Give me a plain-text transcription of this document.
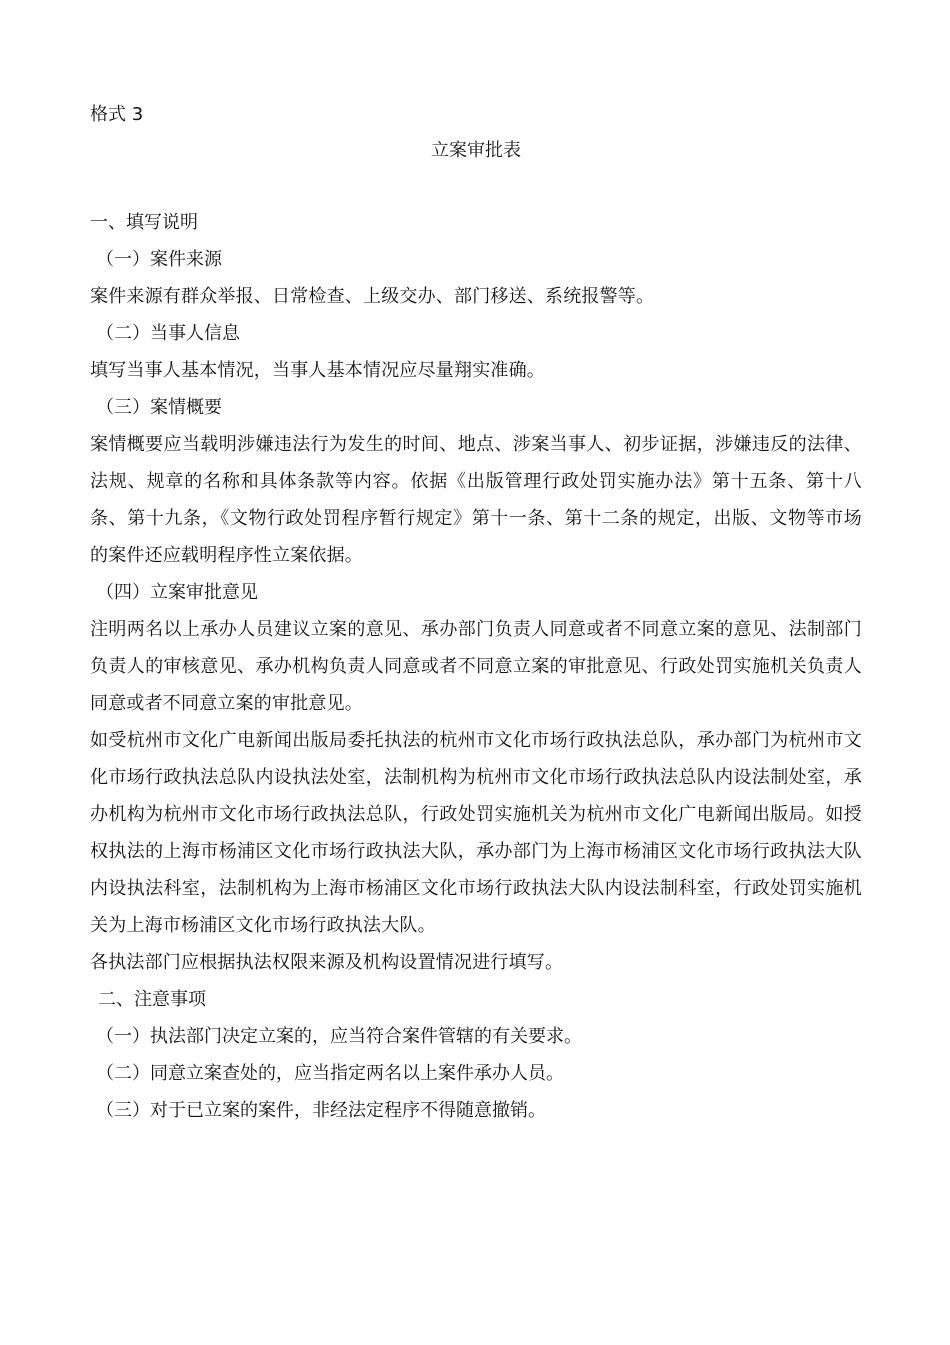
格式 3
立案审批表
一、填写说明
（一）案件来源

案件来源有群众举报、日常检查、上级交办、部门移送、系统报警等。

（二）当事人信息

填写当事人基本情况，当事人基本情况应尽量翔实准确。

（三）案情概要

案情概要应当载明涉嫌违法行为发生的时间、地点、涉案当事人、初步证据，涉嫌违反的法律、法规、规章的名称和具体条款等内容。依据《出版管理行政处罚实施办法》第十五条、第十八条、第十九条，《文物行政处罚程序暂行规定》第十一条、第十二条的规定，出版、文物等市场的案件还应载明程序性立案依据。

（四）立案审批意见

注明两名以上承办人员建议立案的意见、承办部门负责人同意或者不同意立案的意见、法制部门负责人的审核意见、承办机构负责人同意或者不同意立案的审批意见、行政处罚实施机关负责人同意或者不同意立案的审批意见。

如受杭州市文化广电新闻出版局委托执法的杭州市文化市场行政执法总队，承办部门为杭州市文化市场行政执法总队内设执法处室，法制机构为杭州市文化市场行政执法总队内设法制处室，承办机构为杭州市文化市场行政执法总队，行政处罚实施机关为杭州市文化广电新闻出版局。如授权执法的上海市杨浦区文化市场行政执法大队，承办部门为上海市杨浦区文化市场行政执法大队内设执法科室，法制机构为上海市杨浦区文化市场行政执法大队内设法制科室，行政处罚实施机关为上海市杨浦区文化市场行政执法大队。

各执法部门应根据执法权限来源及机构设置情况进行填写。

二、注意事项
（一）执法部门决定立案的，应当符合案件管辖的有关要求。
（二）同意立案查处的，应当指定两名以上案件承办人员。
（三）对于已立案的案件，非经法定程序不得随意撤销。
